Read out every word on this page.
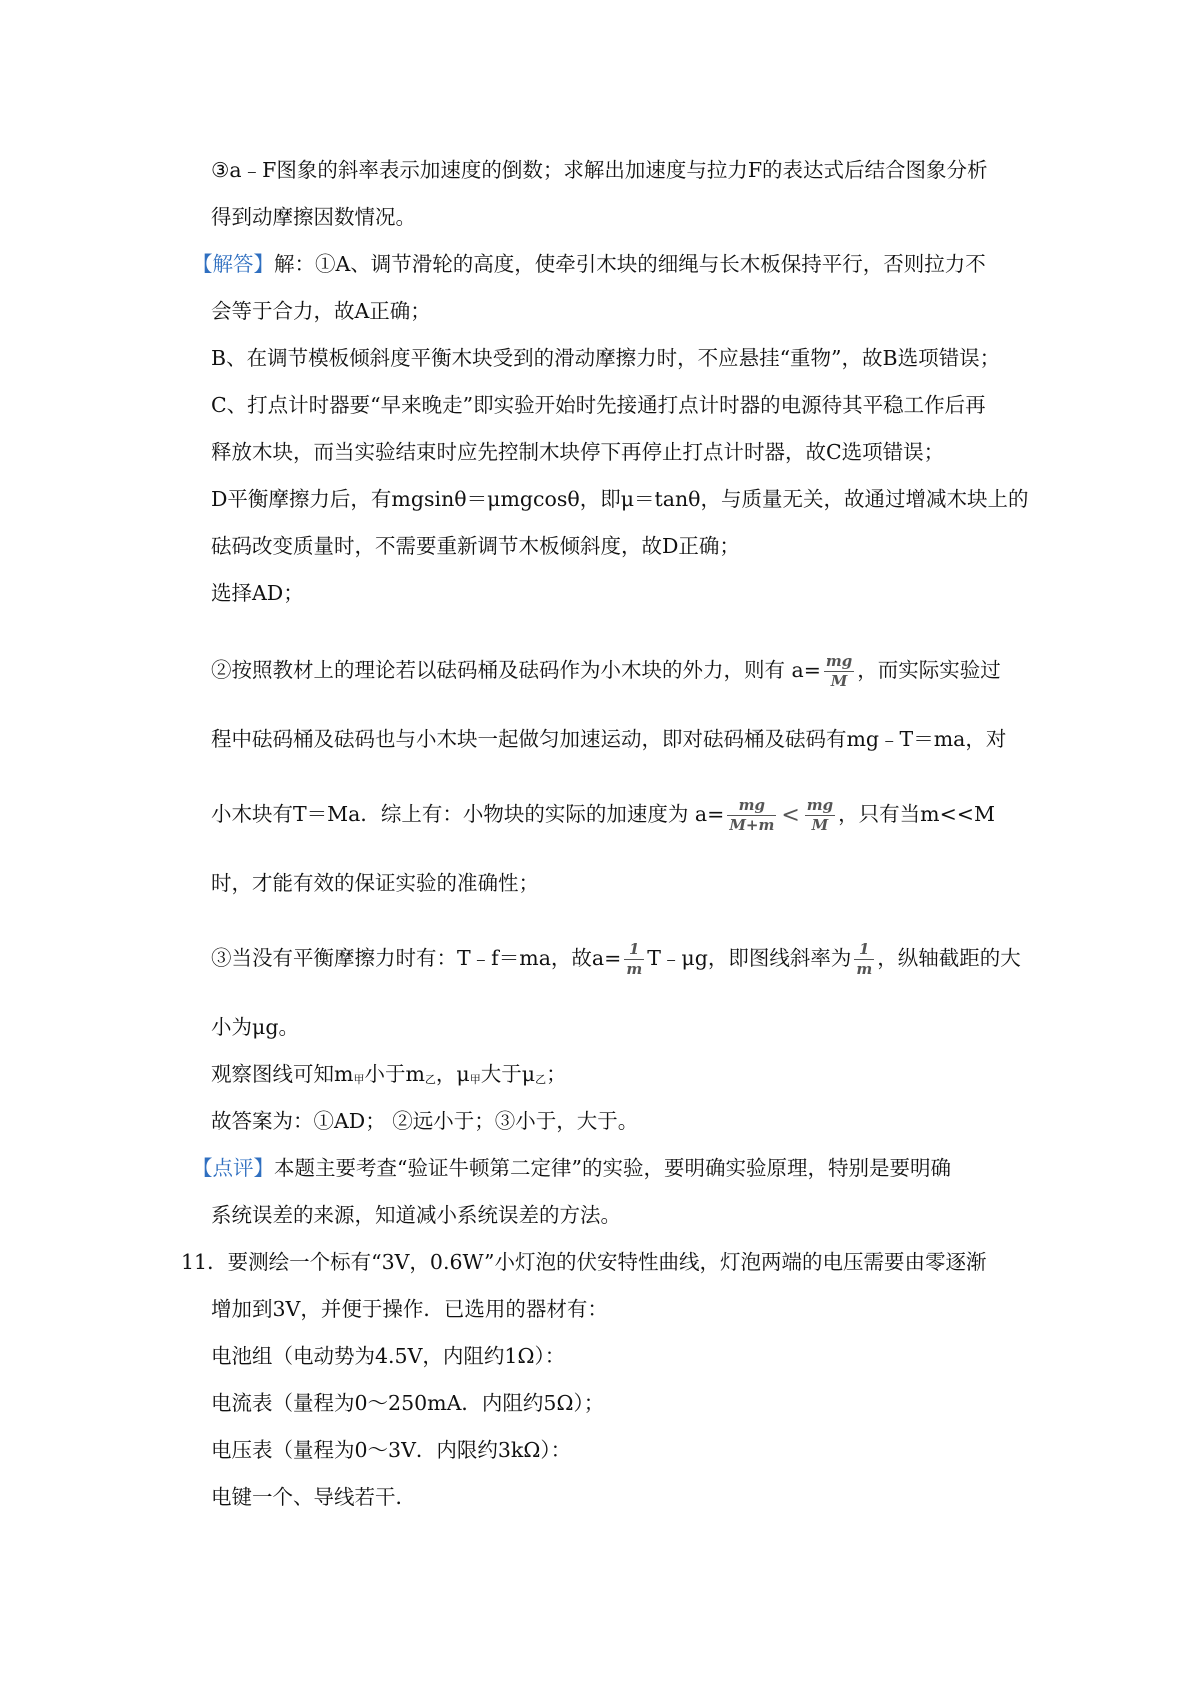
③a﹣F图象的斜率表示加速度的倒数；求解出加速度与拉力F的表达式后结合图象分析
得到动摩擦因数情况。
【解答】解：①A、调节滑轮的高度，使牵引木块的细绳与长木板保持平行，否则拉力不
会等于合力，故A正确；
B、在调节模板倾斜度平衡木块受到的滑动摩擦力时，不应悬挂“重物”，故B选项错误；
C、打点计时器要“早来晚走”即实验开始时先接通打点计时器的电源待其平稳工作后再
释放木块，而当实验结束时应先控制木块停下再停止打点计时器，故C选项错误；
D平衡摩擦力后，有mgsinθ＝μmgcosθ，即μ＝tanθ，与质量无关，故通过增减木块上的
砝码改变质量时，不需要重新调节木板倾斜度，故D正确；
选择AD；
②按照教材上的理论若以砝码桶及砝码作为小木块的外力，则有 $a= \frac{mg}{M}$ ，而实际实验过
程中砝码桶及砝码也与小木块一起做匀加速运动，即对砝码桶及砝码有mg﹣T＝ma，对
小木块有T＝Ma．综上有：小物块的实际的加速度为 $a= \frac{mg}{M+m} < \frac{mg}{M}$ ，只有当m<<M
时，才能有效的保证实验的准确性；
③当没有平衡摩擦力时有：T﹣f＝ma，故$a= \frac{1}{m}$ T﹣μg，即图线斜率为 $\frac{1}{m}$ ，纵轴截距的大
小为μg。
观察图线可知m甲小于m乙，μ甲大于μ乙；
故答案为：①AD； ②远小于；③小于，大于。
【点评】本题主要考查“验证牛顿第二定律”的实验，要明确实验原理，特别是要明确
系统误差的来源，知道减小系统误差的方法。
11．要测绘一个标有“3V，0.6W”小灯泡的伏安特性曲线，灯泡两端的电压需要由零逐渐
增加到3V，并便于操作．已选用的器材有：
电池组（电动势为4.5V，内阻约1Ω）：
电流表（量程为0～250mA．内阻约5Ω）；
电压表（量程为0～3V．内限约3kΩ）：
电键一个、导线若干．
